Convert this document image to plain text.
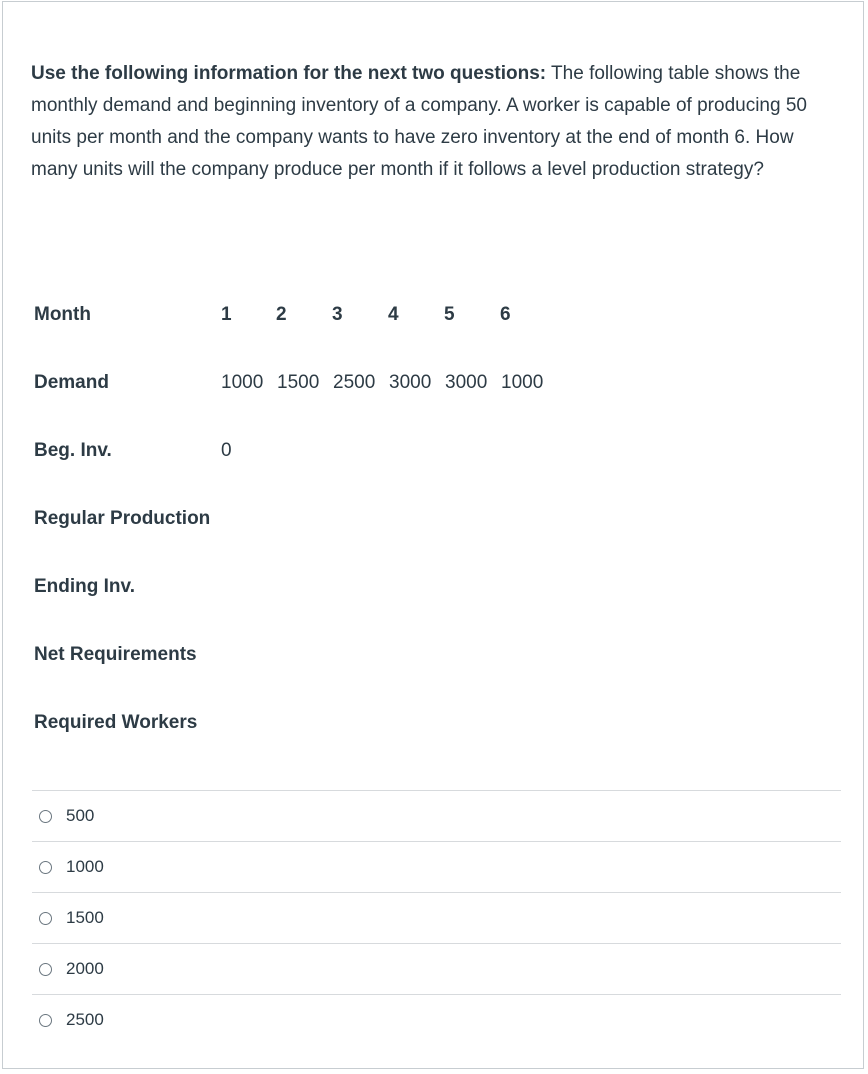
Use the following information for the next two questions: The following table shows the monthly demand and beginning inventory of a company. A worker is capable of producing 50 units per month and the company wants to have zero inventory at the end of month 6. How many units will the company produce per month if it follows a level production strategy?
Month	1 2 3 4 5 6
Demand	1000 1500 2500 3000 3000 1000
Beg. Inv.	0
Regular Production
Ending Inv.
Net Requirements
Required Workers
500
1000
1500
2000
2500
